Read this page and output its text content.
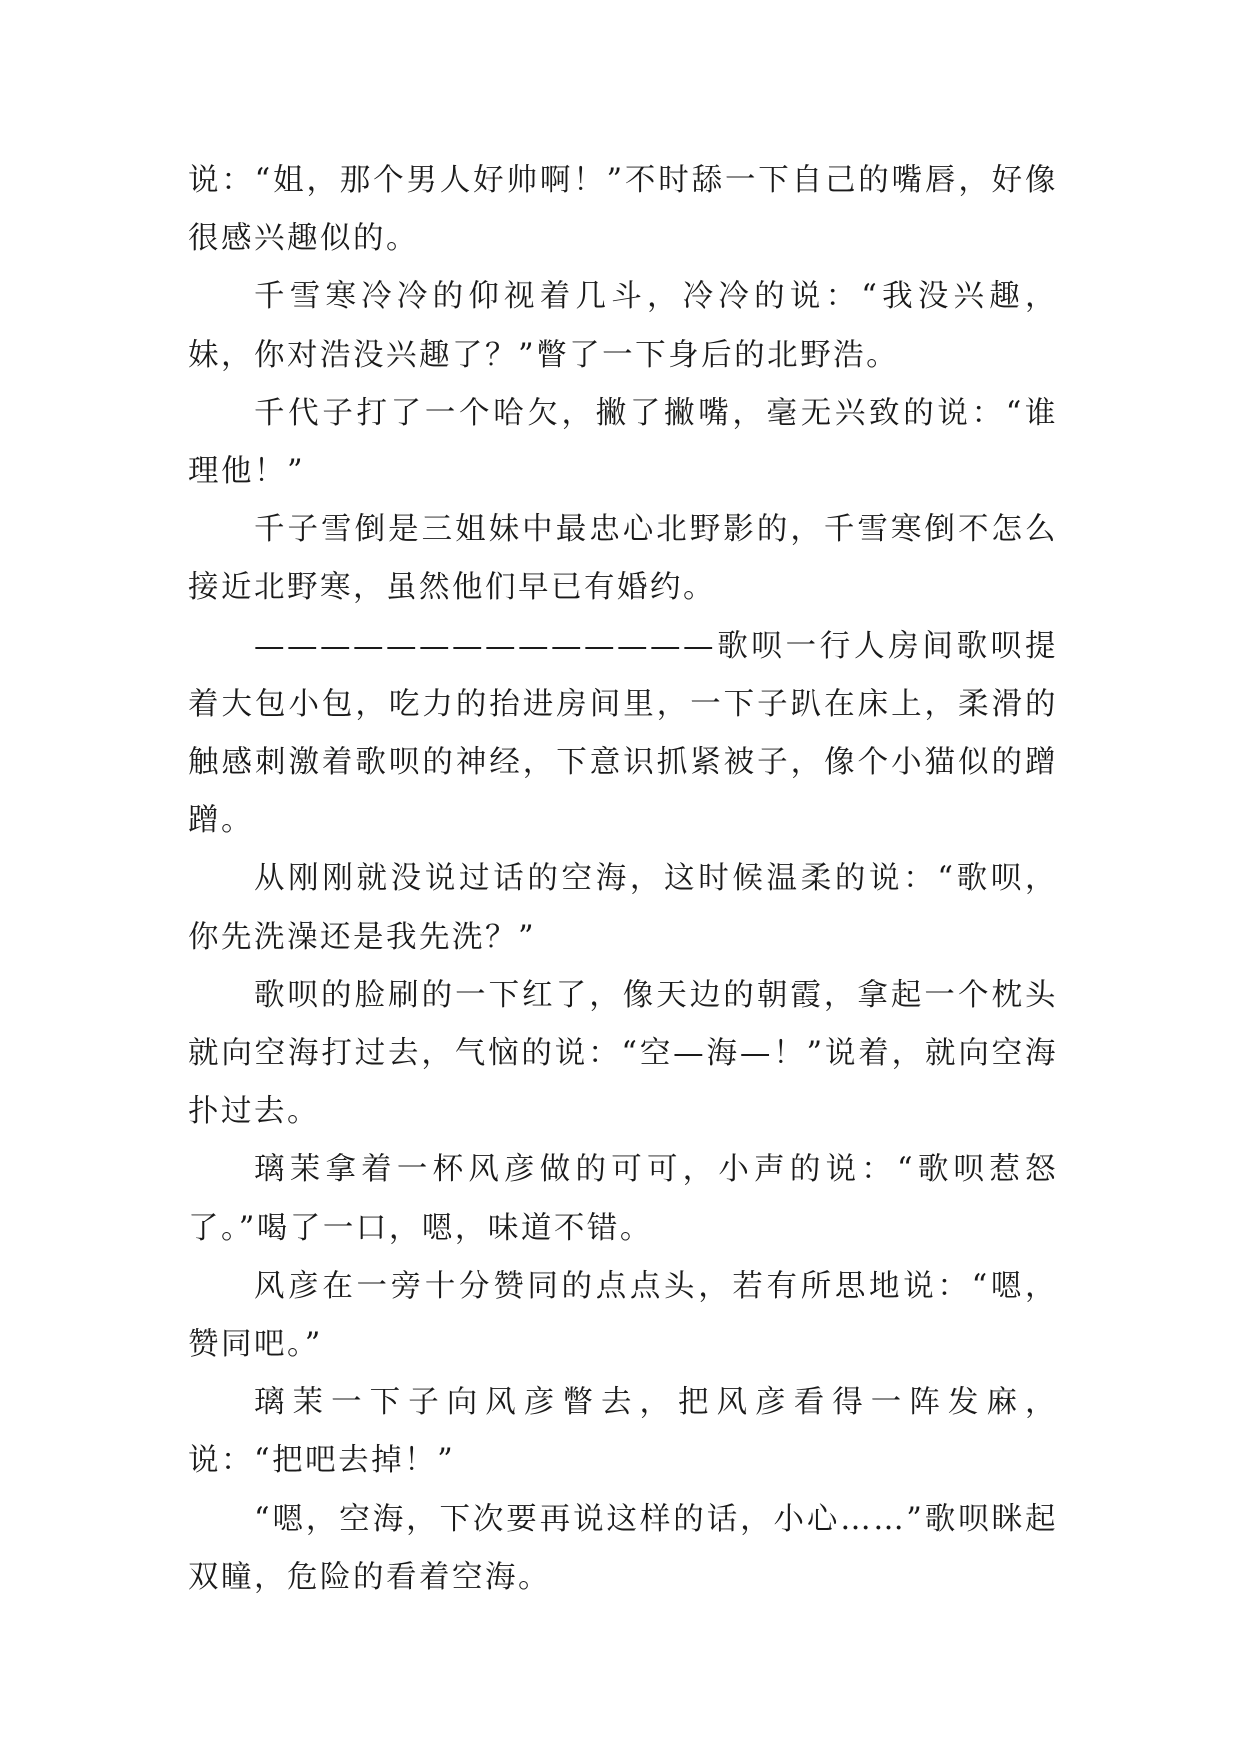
说：“姐，那个男人好帅啊！”不时舔一下自己的嘴唇，好像很感兴趣似的。

千雪寒冷冷的仰视着几斗，冷冷的说：“我没兴趣，妹，你对浩没兴趣了？”瞥了一下身后的北野浩。

千代子打了一个哈欠，撇了撇嘴，毫无兴致的说：“谁理他！”

千子雪倒是三姐妹中最忠心北野影的，千雪寒倒不怎么接近北野寒，虽然他们早已有婚约。

——————————————歌呗一行人房间歌呗提着大包小包，吃力的抬进房间里，一下子趴在床上，柔滑的触感刺激着歌呗的神经，下意识抓紧被子，像个小猫似的蹭蹭。

从刚刚就没说过话的空海，这时候温柔的说：“歌呗，你先洗澡还是我先洗？”

歌呗的脸刷的一下红了，像天边的朝霞，拿起一个枕头就向空海打过去，气恼的说：“空—海—！”说着，就向空海扑过去。

璃茉拿着一杯风彦做的可可，小声的说：“歌呗惹怒了。”喝了一口，嗯，味道不错。

风彦在一旁十分赞同的点点头，若有所思地说：“嗯，赞同吧。”

璃茉一下子向风彦瞥去，把风彦看得一阵发麻，说：“把吧去掉！”

“嗯，空海，下次要再说这样的话，小心……”歌呗眯起双瞳，危险的看着空海。
